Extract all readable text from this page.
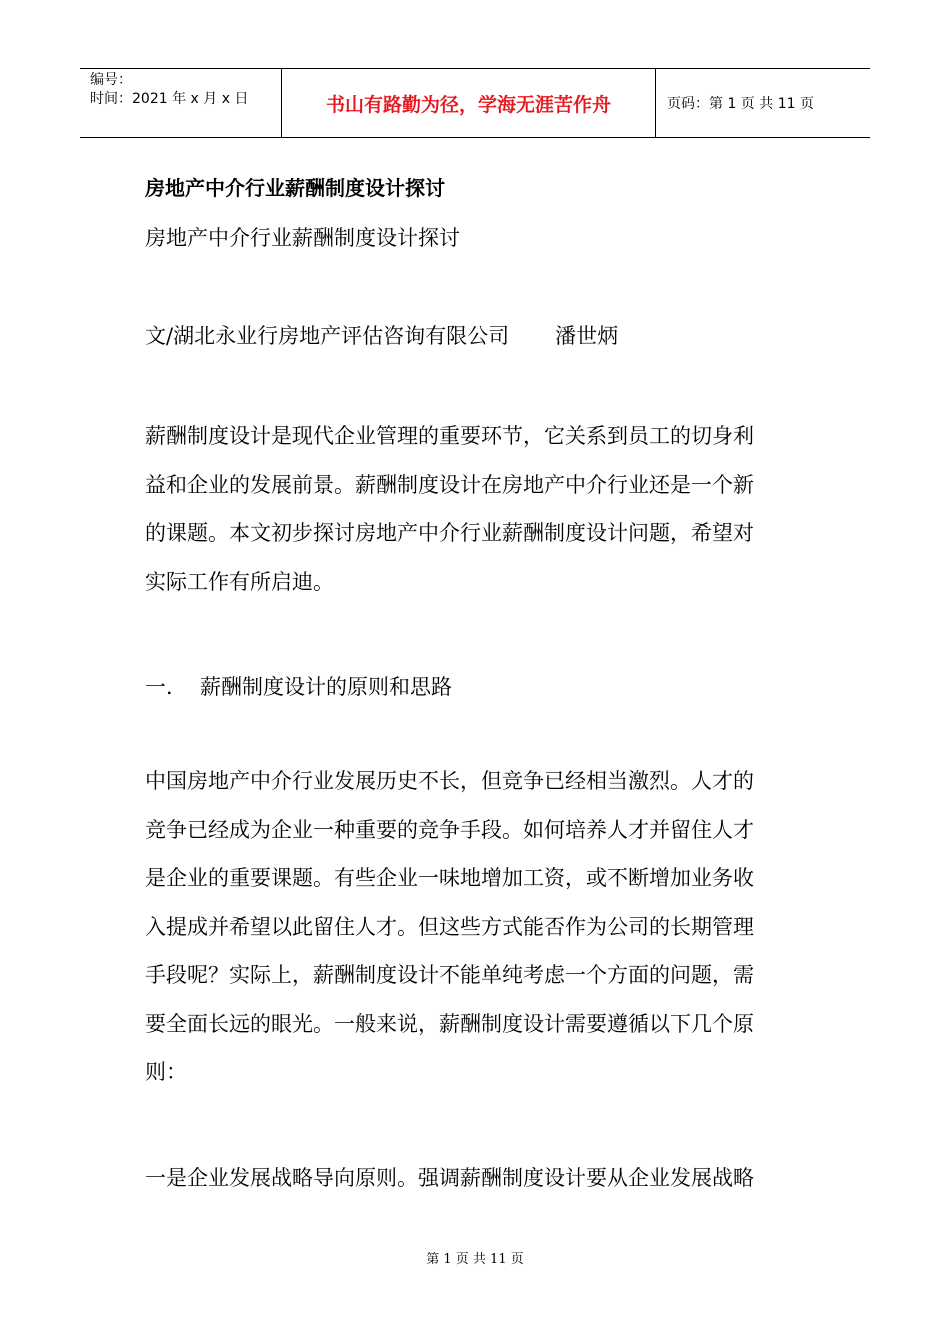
编号：
时间：2021 年 x 月 x 日	书山有路勤为径，学海无涯苦作舟	页码：第 1 页 共 11 页
房地产中介行业薪酬制度设计探讨
房地产中介行业薪酬制度设计探讨
文/湖北永业行房地产评估咨询有限公司 潘世炳
薪酬制度设计是现代企业管理的重要环节，它关系到员工的切身利
益和企业的发展前景。薪酬制度设计在房地产中介行业还是一个新
的课题。本文初步探讨房地产中介行业薪酬制度设计问题，希望对
实际工作有所启迪。
一． 薪酬制度设计的原则和思路
中国房地产中介行业发展历史不长，但竞争已经相当激烈。人才的
竞争已经成为企业一种重要的竞争手段。如何培养人才并留住人才
是企业的重要课题。有些企业一味地增加工资，或不断增加业务收
入提成并希望以此留住人才。但这些方式能否作为公司的长期管理
手段呢？实际上，薪酬制度设计不能单纯考虑一个方面的问题，需
要全面长远的眼光。一般来说，薪酬制度设计需要遵循以下几个原
则：
一是企业发展战略导向原则。强调薪酬制度设计要从企业发展战略
第 1 页 共 11 页
